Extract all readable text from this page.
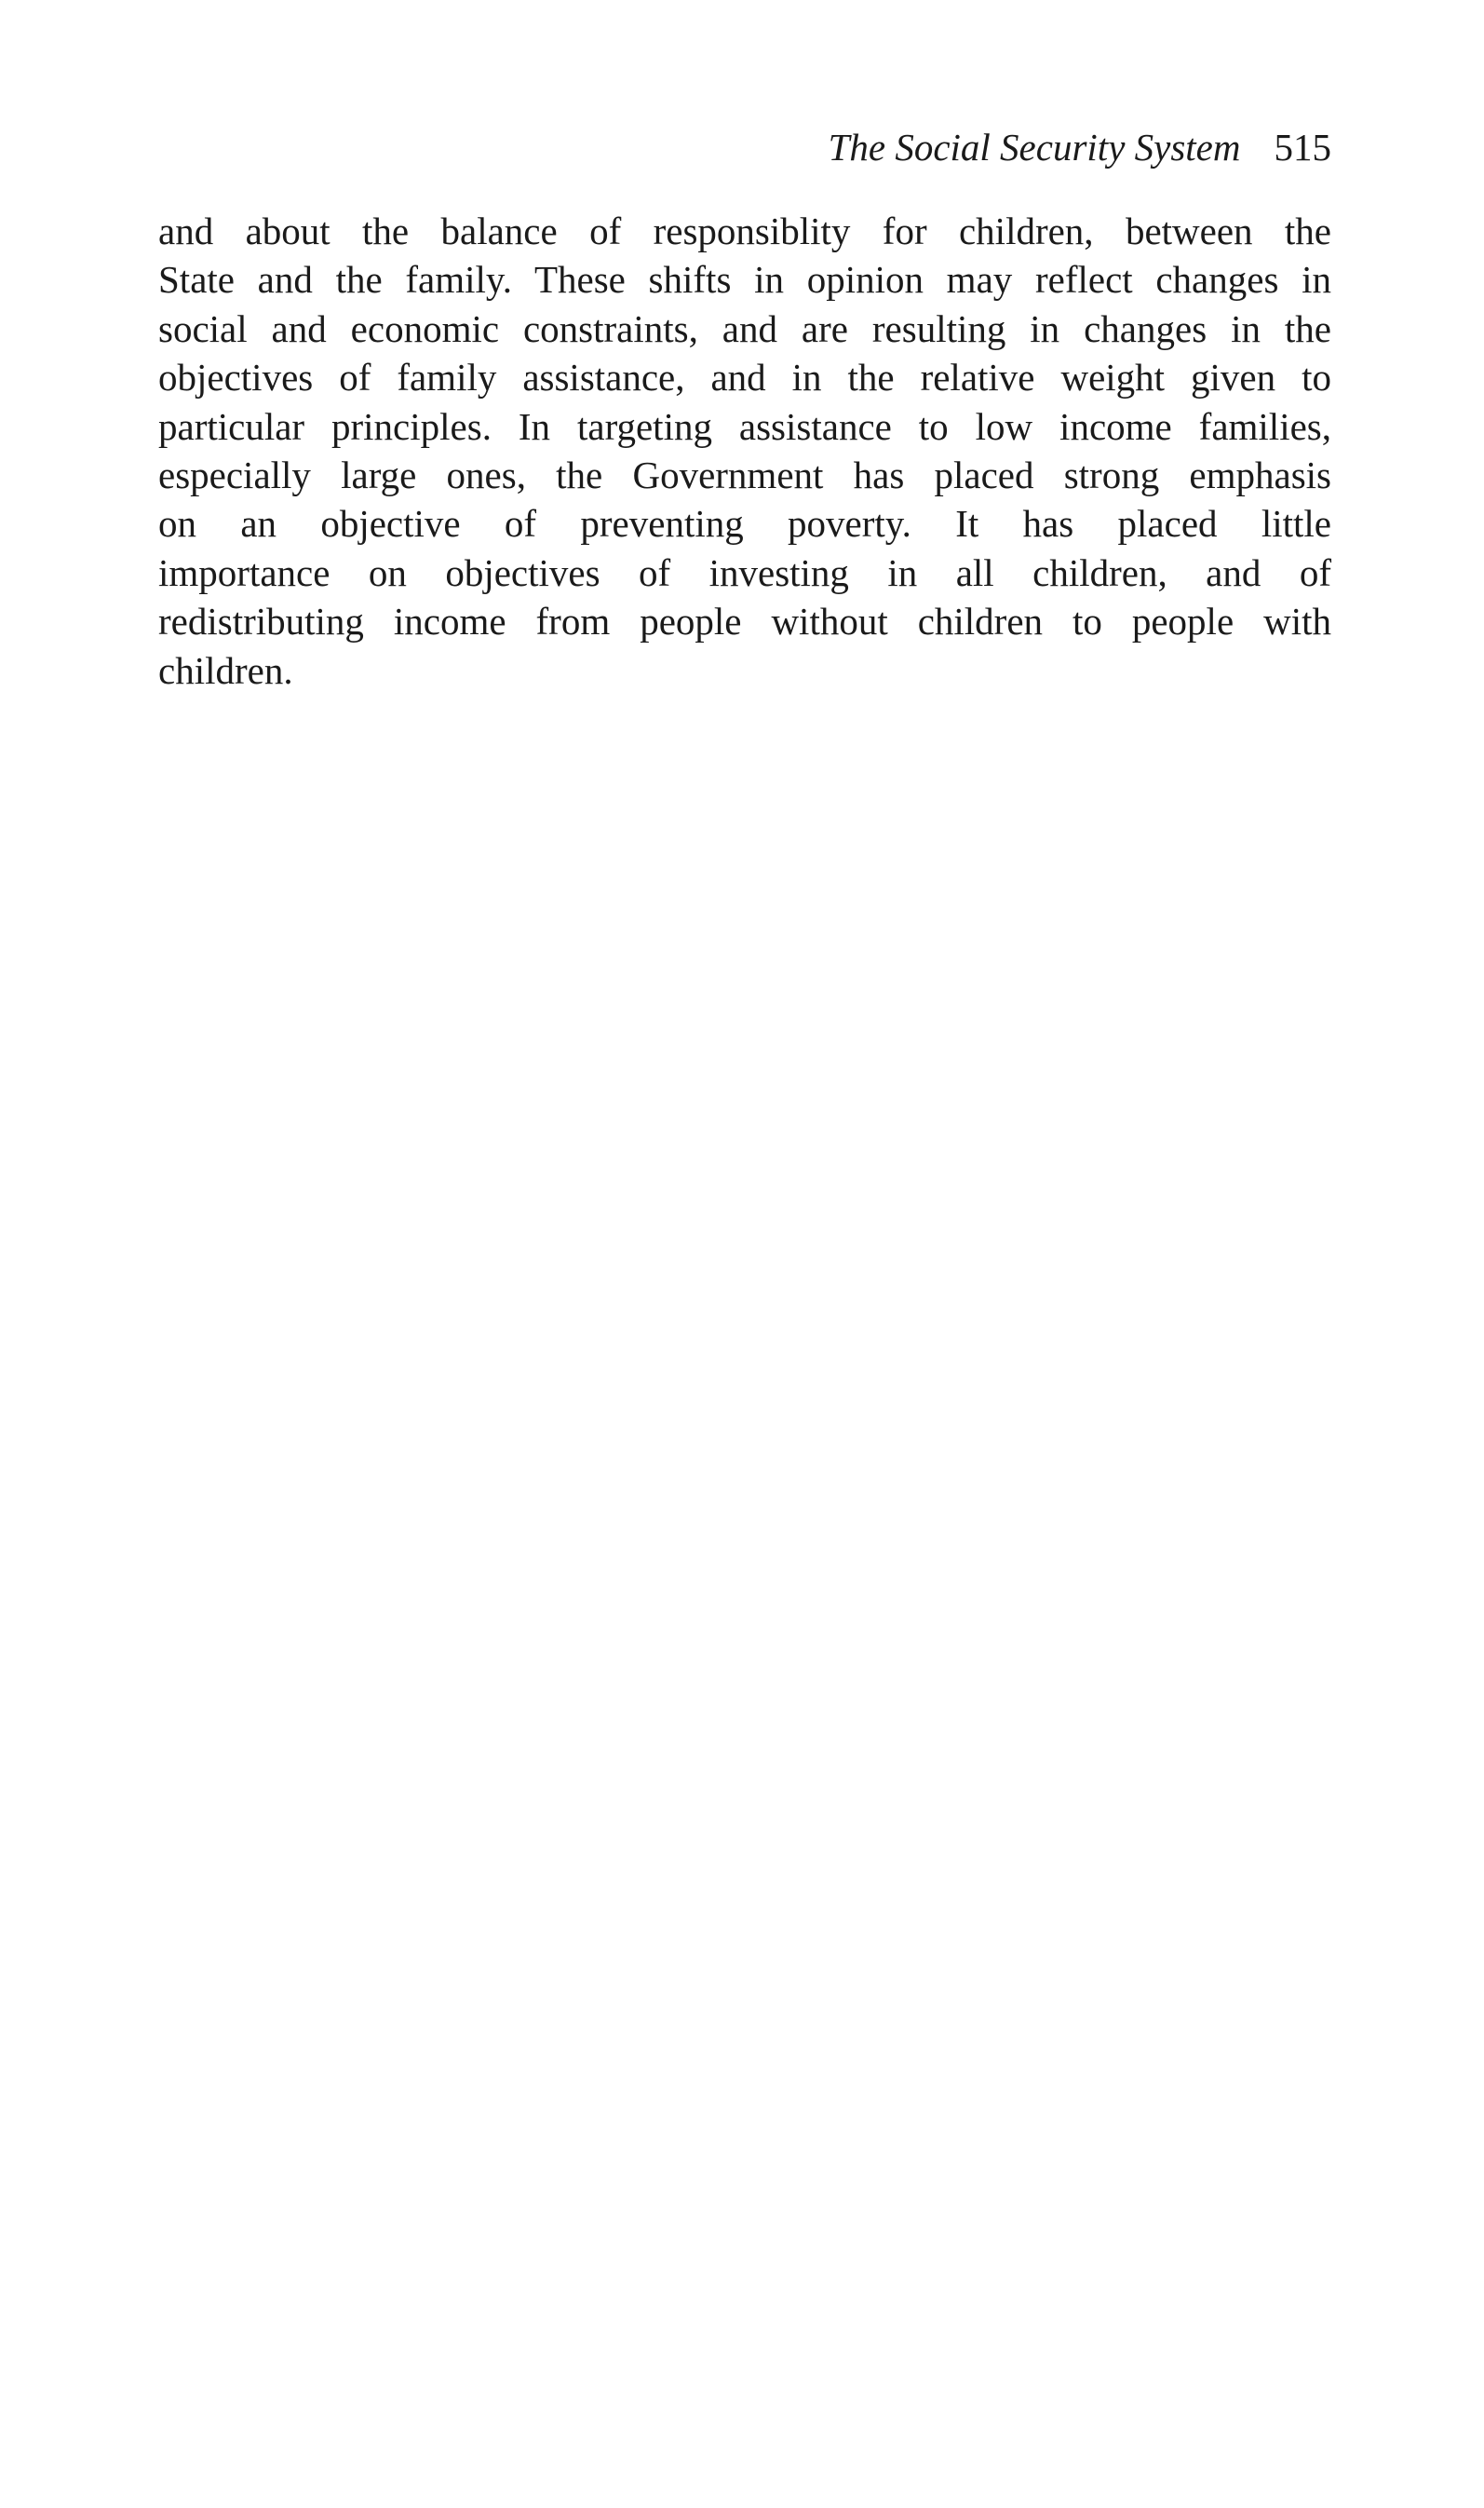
The Social Security System 515

and about the balance of responsiblity for children, between the
State and the family. These shifts in opinion may reflect changes in
social and economic constraints, and are resulting in changes in the
objectives of family assistance, and in the relative weight given to
particular principles. In targeting assistance to low income families,
especially large ones, the Government has placed strong emphasis
on an objective of preventing poverty. It has placed little
importance on objectives of investing in all children, and of
redistributing income from people without children to people with
children.
